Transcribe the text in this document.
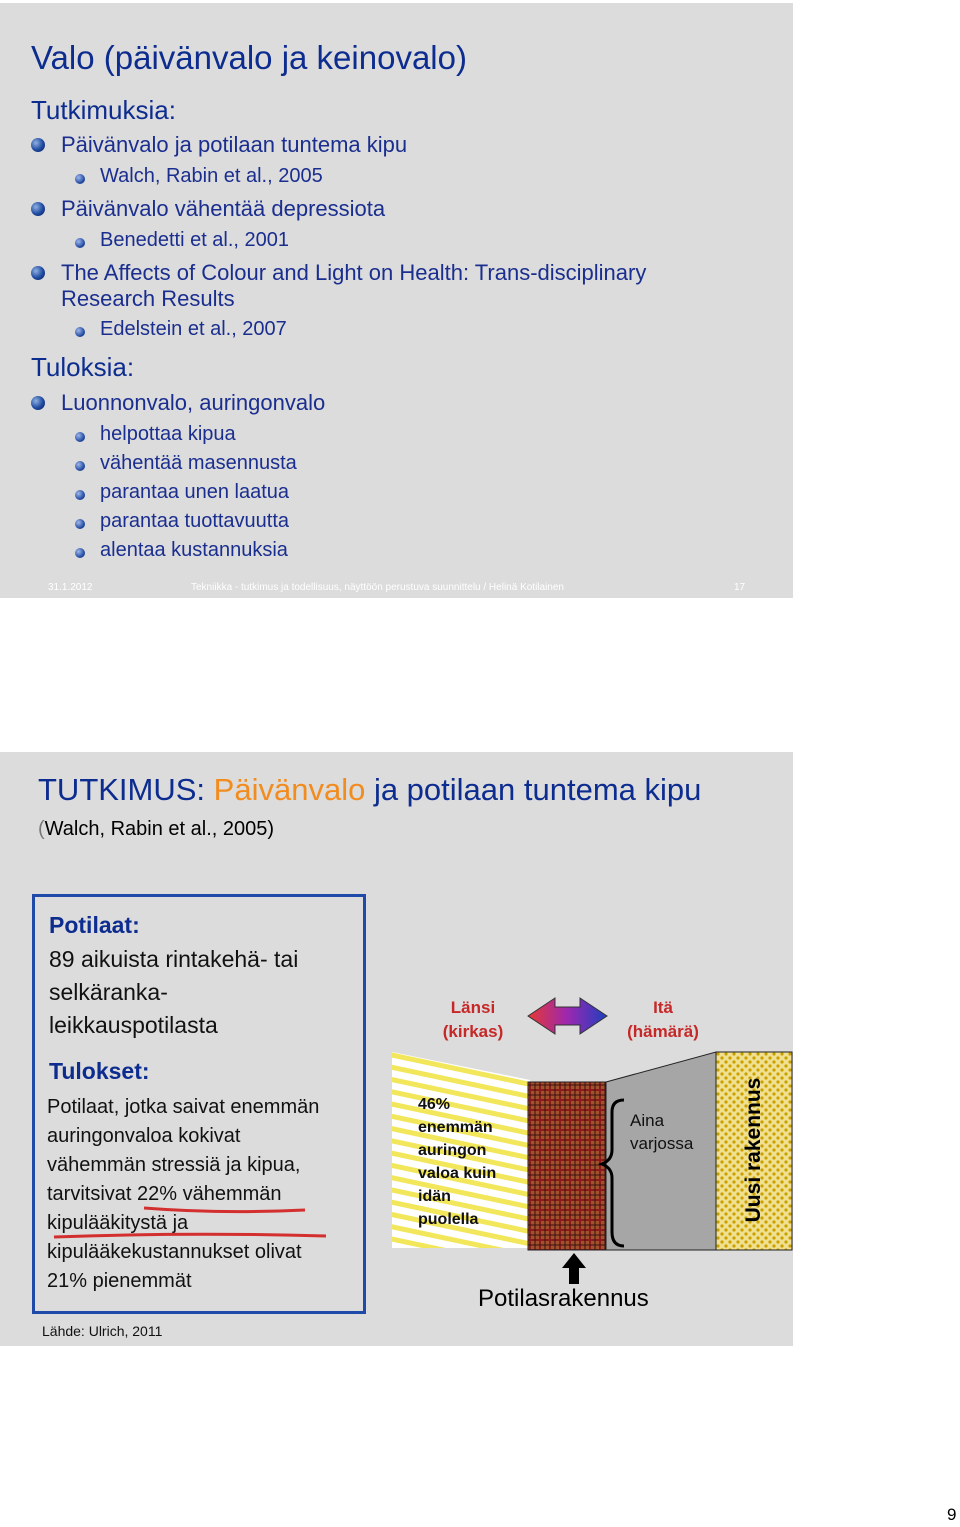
Valo (päivänvalo ja keinovalo)
Tutkimuksia:
Päivänvalo ja potilaan tuntema kipu
Walch, Rabin et al., 2005
Päivänvalo vähentää depressiota
Benedetti et al., 2001
The Affects of Colour and Light on Health: Trans-disciplinary
Research Results
Edelstein et al., 2007
Tuloksia:
Luonnonvalo, auringonvalo
helpottaa kipua
vähentää masennusta
parantaa unen laatua
parantaa tuottavuutta
alentaa kustannuksia
31.1.2012	Tekniikka - tutkimus ja todellisuus, näyttöön perustuva suunnittelu / Helinä Kotilainen	17
TUTKIMUS: Päivänvalo ja potilaan tuntema kipu
(Walch, Rabin et al., 2005)
Potilaat:
89 aikuista rintakehä- tai
selkäranka-
leikkauspotilasta
Tulokset:
Potilaat, jotka saivat enemmän
auringonvaloa kokivat
vähemmän stressiä ja kipua,
tarvitsivat 22% vähemmän
kipulääkitystä ja
kipulääkekustannukset olivat
21% pienemmät
Länsi
(kirkas)
Itä
(hämärä)
46%
enemmän
auringon
valoa kuin
idän
puolella
Aina
varjossa Uusi rakennus
Potilasrakennus
Lähde: Ulrich, 2011
9
